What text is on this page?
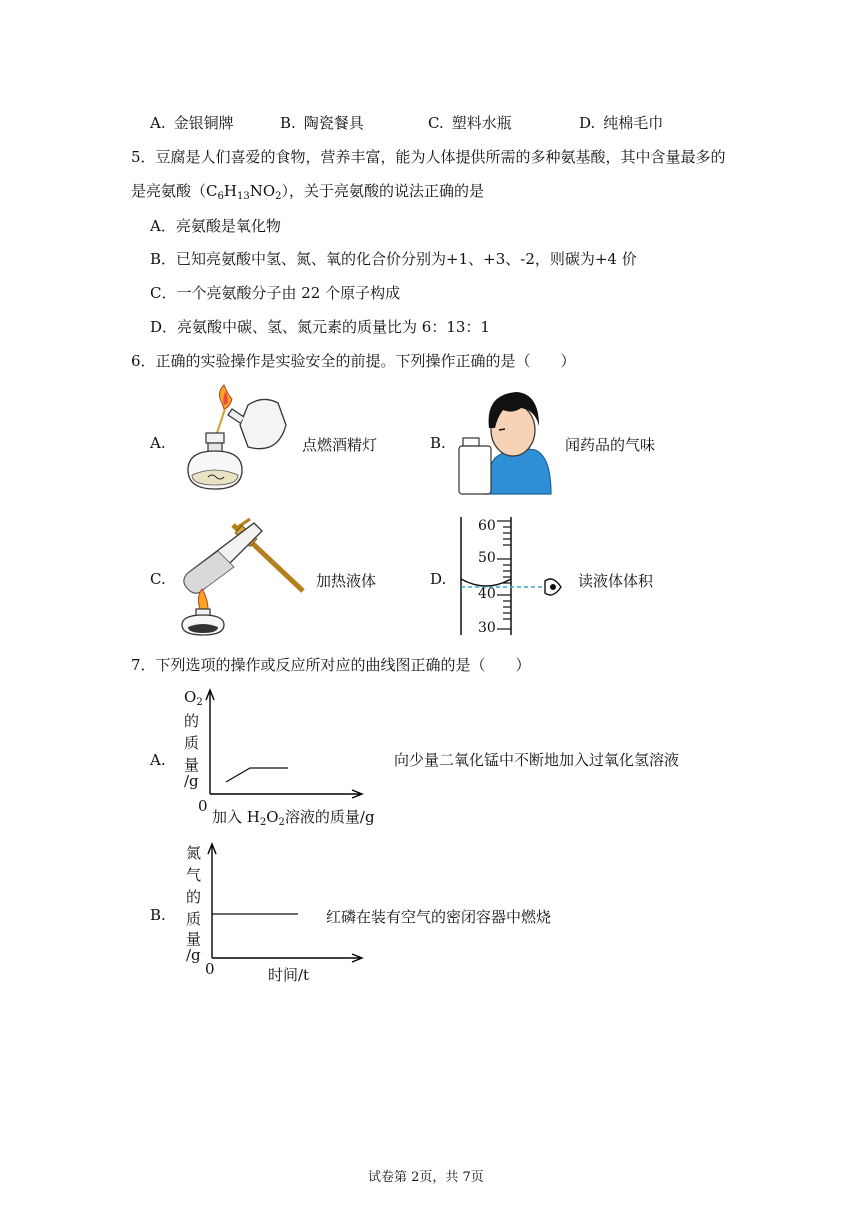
A. 金银铜牌	B. 陶瓷餐具	C. 塑料水瓶	D. 纯棉毛巾
5．豆腐是人们喜爱的食物，营养丰富，能为人体提供所需的多种氨基酸，其中含量最多的
是亮氨酸$(C_6H_{13}NO_2)$，关于亮氨酸的说法正确的是
A．亮氨酸是氧化物
B．已知亮氨酸中氢、氮、氧的化合价分别为+1、+3、-2，则碳为+4 价
C．一个亮氨酸分子由 22 个原子构成
D．亮氨酸中碳、氢、氮元素的质量比为 6：13：1
6．正确的实验操作是实验安全的前提。下列操作正确的是（　　）
A.	点燃酒精灯	B.	闻药品的气味
C.	加热液体	D.
60
50
40
30
读液体体积
7．下列选项的操作或反应所对应的曲线图正确的是（　　）
A.
$O_2$
的
质
量
/g
0
加入 $H_2O_2$溶液的质量/g
向少量二氧化锰中不断地加入过氧化氢溶液
B.
氮
气
的
质
量
/g
0	时间/t
红磷在装有空气的密闭容器中燃烧
试卷第 2页，共 7页
